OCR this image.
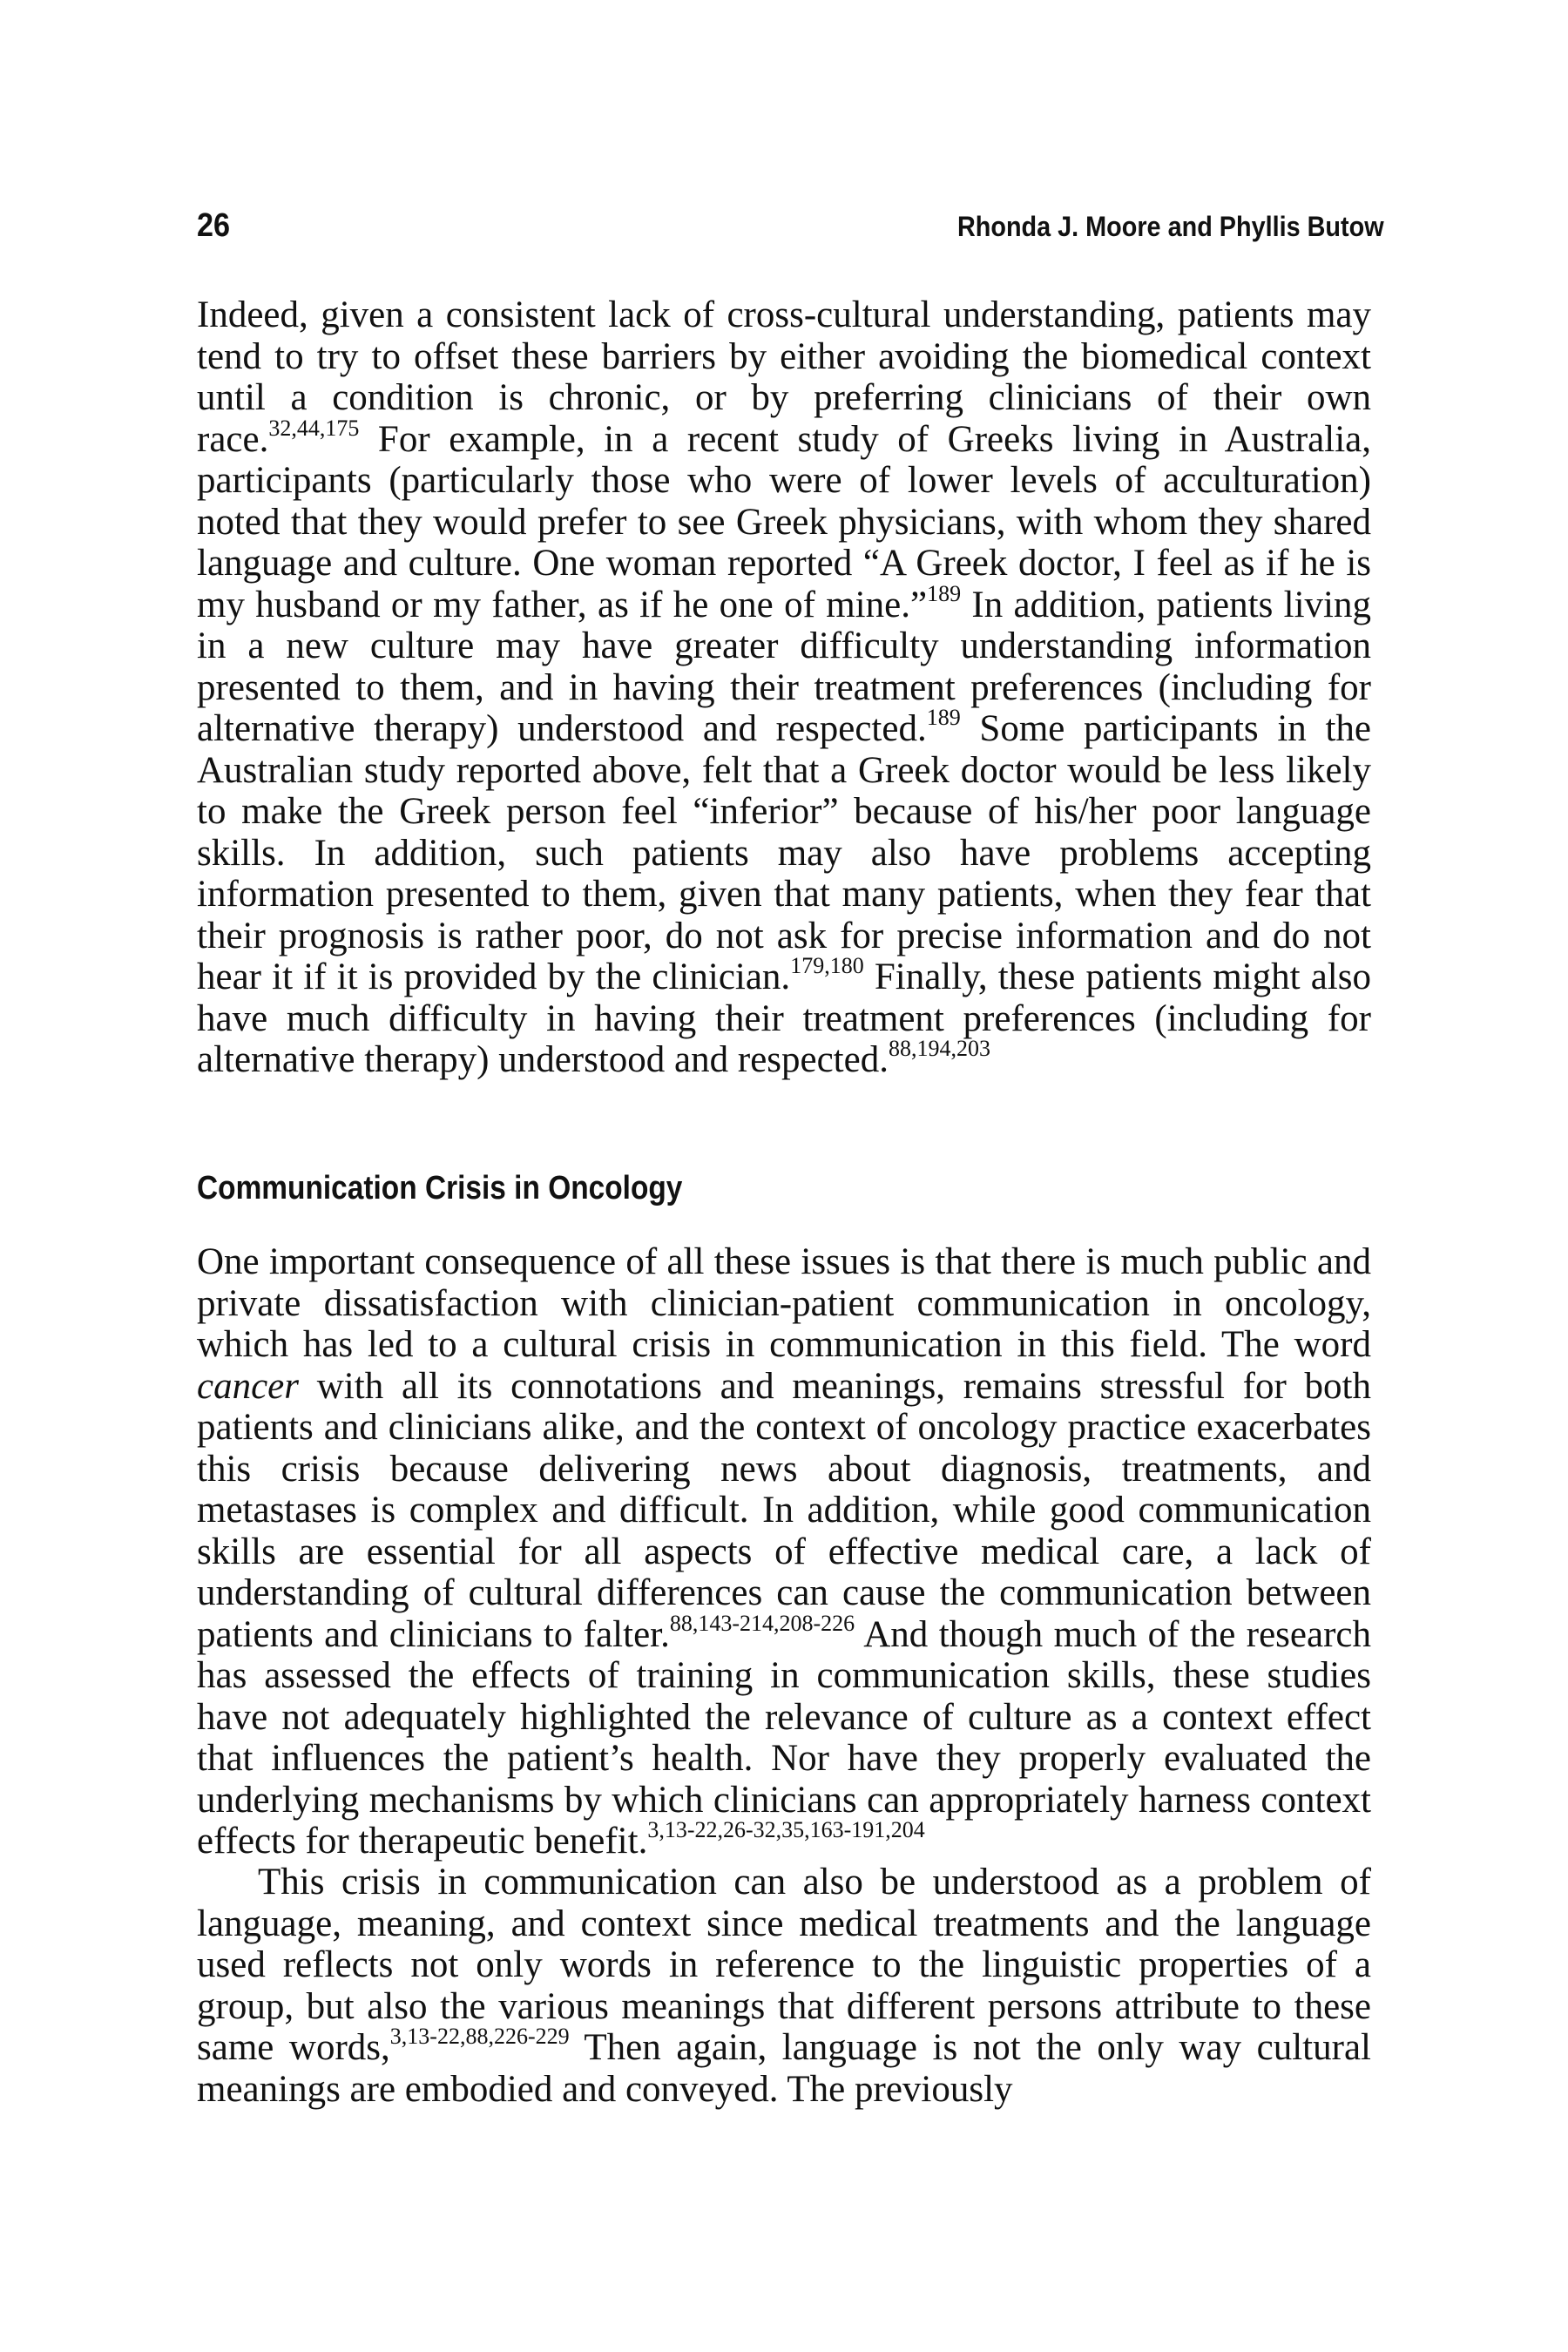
26	Rhonda J. Moore and Phyllis Butow

Indeed, given a consistent lack of cross-cultural understanding, patients may tend to try to offset these barriers by either avoiding the biomedical context until a condition is chronic, or by preferring clinicians of their own race.$^{32,44,175}$ For example, in a recent study of Greeks living in Australia, participants (particularly those who were of lower levels of acculturation) noted that they would prefer to see Greek physicians, with whom they shared language and culture. One woman reported “A Greek doctor, I feel as if he is my husband or my father, as if he one of mine.”$^{189}$ In addition, patients living in a new culture may have greater difficulty understanding information presented to them, and in having their treatment preferences (including for alternative therapy) understood and respected.$^{189}$ Some participants in the Australian study reported above, felt that a Greek doctor would be less likely to make the Greek person feel “inferior” because of his/her poor language skills. In addition, such patients may also have problems accepting information presented to them, given that many patients, when they fear that their prognosis is rather poor, do not ask for precise information and do not hear it if it is provided by the clinician.$^{179,180}$ Finally, these patients might also have much difficulty in having their treatment preferences (including for alternative therapy) understood and respected.$^{88,194,203}$

Communication Crisis in Oncology

One important consequence of all these issues is that there is much public and private dissatisfaction with clinician-patient communication in oncology, which has led to a cultural crisis in communication in this field. The word cancer with all its connotations and meanings, remains stressful for both patients and clinicians alike, and the context of oncology practice exacerbates this crisis because delivering news about diagnosis, treatments, and metastases is complex and difficult. In addition, while good communication skills are essential for all aspects of effective medical care, a lack of understanding of cultural differences can cause the communication between patients and clinicians to falter.$^{88,143-214,208-226}$ And though much of the research has assessed the effects of training in communication skills, these studies have not adequately highlighted the relevance of culture as a context effect that influences the patient’s health. Nor have they properly evaluated the underlying mechanisms by which clinicians can appropriately harness context effects for therapeutic benefit.$^{3,13-22,26-32,35,163-191,204}$

This crisis in communication can also be understood as a problem of language, meaning, and context since medical treatments and the language used reflects not only words in reference to the linguistic properties of a group, but also the various meanings that different persons attribute to these same words,$^{3,13-22,88,226-229}$ Then again, language is not the only way cultural meanings are embodied and conveyed. The previously
